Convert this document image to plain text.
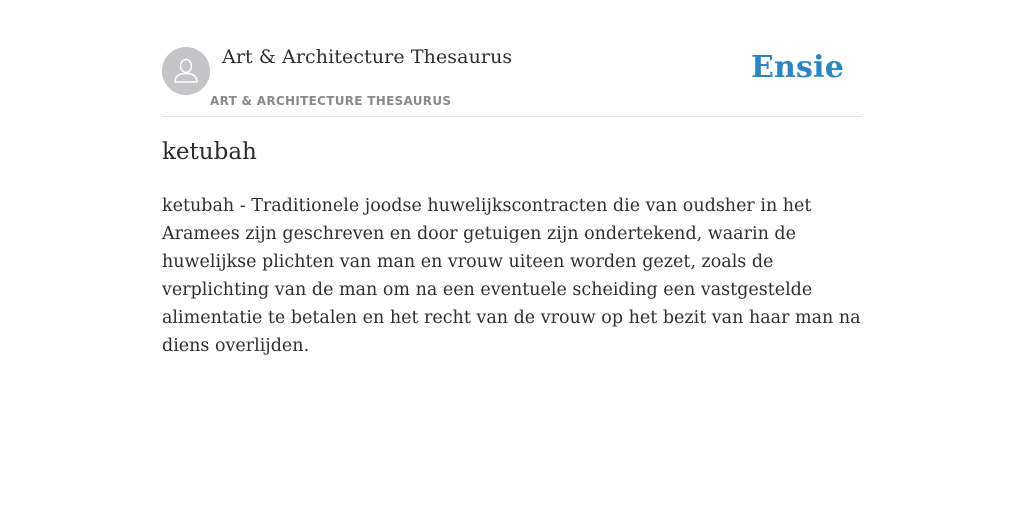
Art & Architecture Thesaurus
ART & ARCHITECTURE THESAURUS
Ensie
ketubah

ketubah - Traditionele joodse huwelijkscontracten die van oudsher in het Aramees zijn geschreven en door getuigen zijn ondertekend, waarin de huwelijkse plichten van man en vrouw uiteen worden gezet, zoals de verplichting van de man om na een eventuele scheiding een vastgestelde alimentatie te betalen en het recht van de vrouw op het bezit van haar man na diens overlijden.
